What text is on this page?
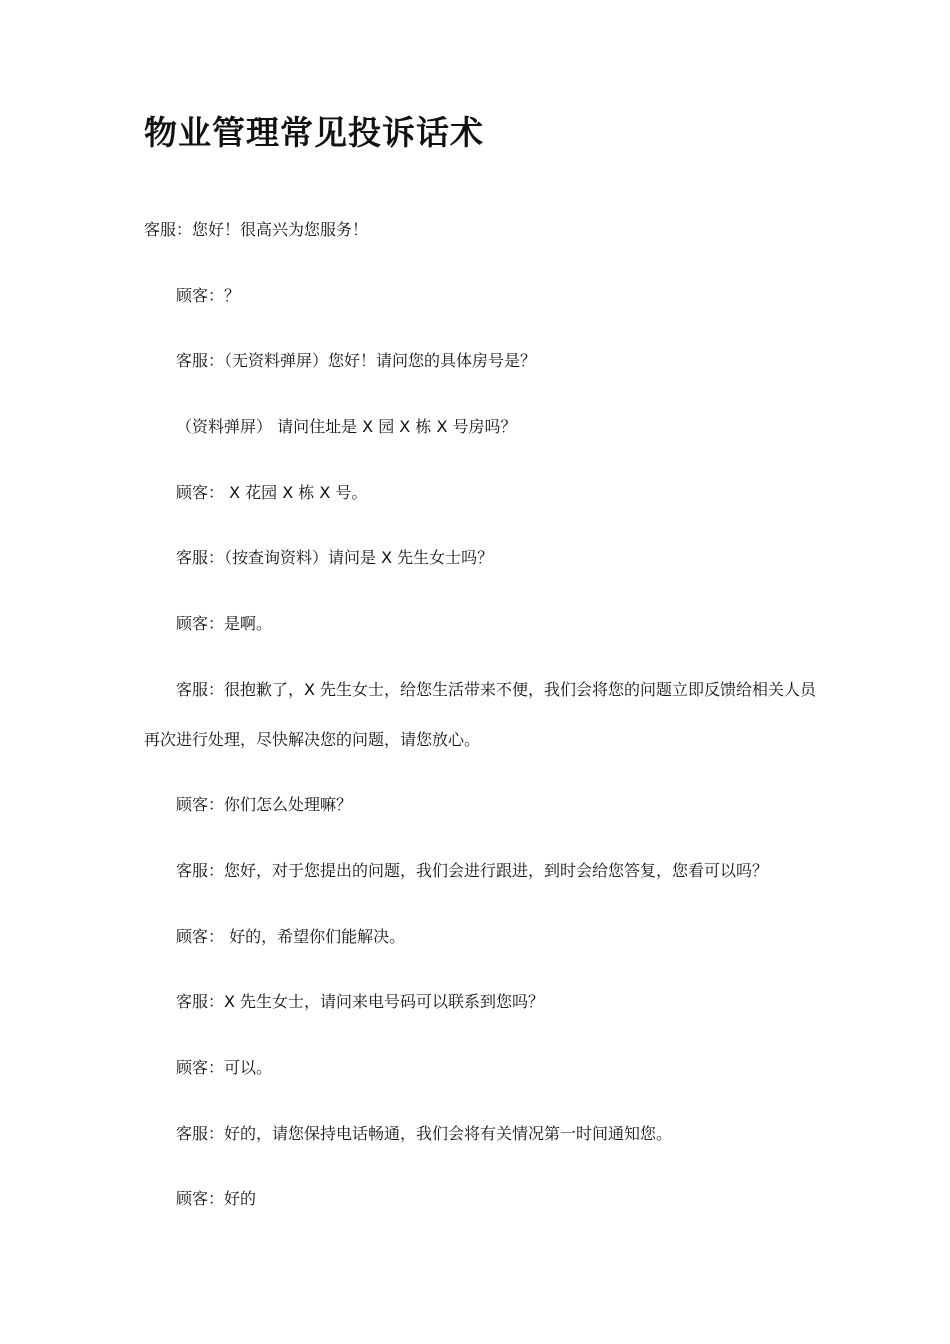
物业管理常见投诉话术

客服：您好！很高兴为您服务！

顾客：？

客服：（无资料弹屏）您好！请问您的具体房号是？

（资料弹屏） 请问住址是 X 园 X 栋 X 号房吗？

顾客： X 花园 X 栋 X 号。

客服：（按查询资料）请问是 X 先生女士吗？

顾客：是啊。

客服：很抱歉了，X 先生女士，给您生活带来不便，我们会将您的问题立即反馈给相关人员

再次进行处理，尽快解决您的问题，请您放心。

顾客：你们怎么处理嘛？

客服：您好，对于您提出的问题，我们会进行跟进，到时会给您答复，您看可以吗？

顾客： 好的，希望你们能解决。

客服：X 先生女士，请问来电号码可以联系到您吗？

顾客：可以。

客服：好的，请您保持电话畅通，我们会将有关情况第一时间通知您。

顾客：好的
